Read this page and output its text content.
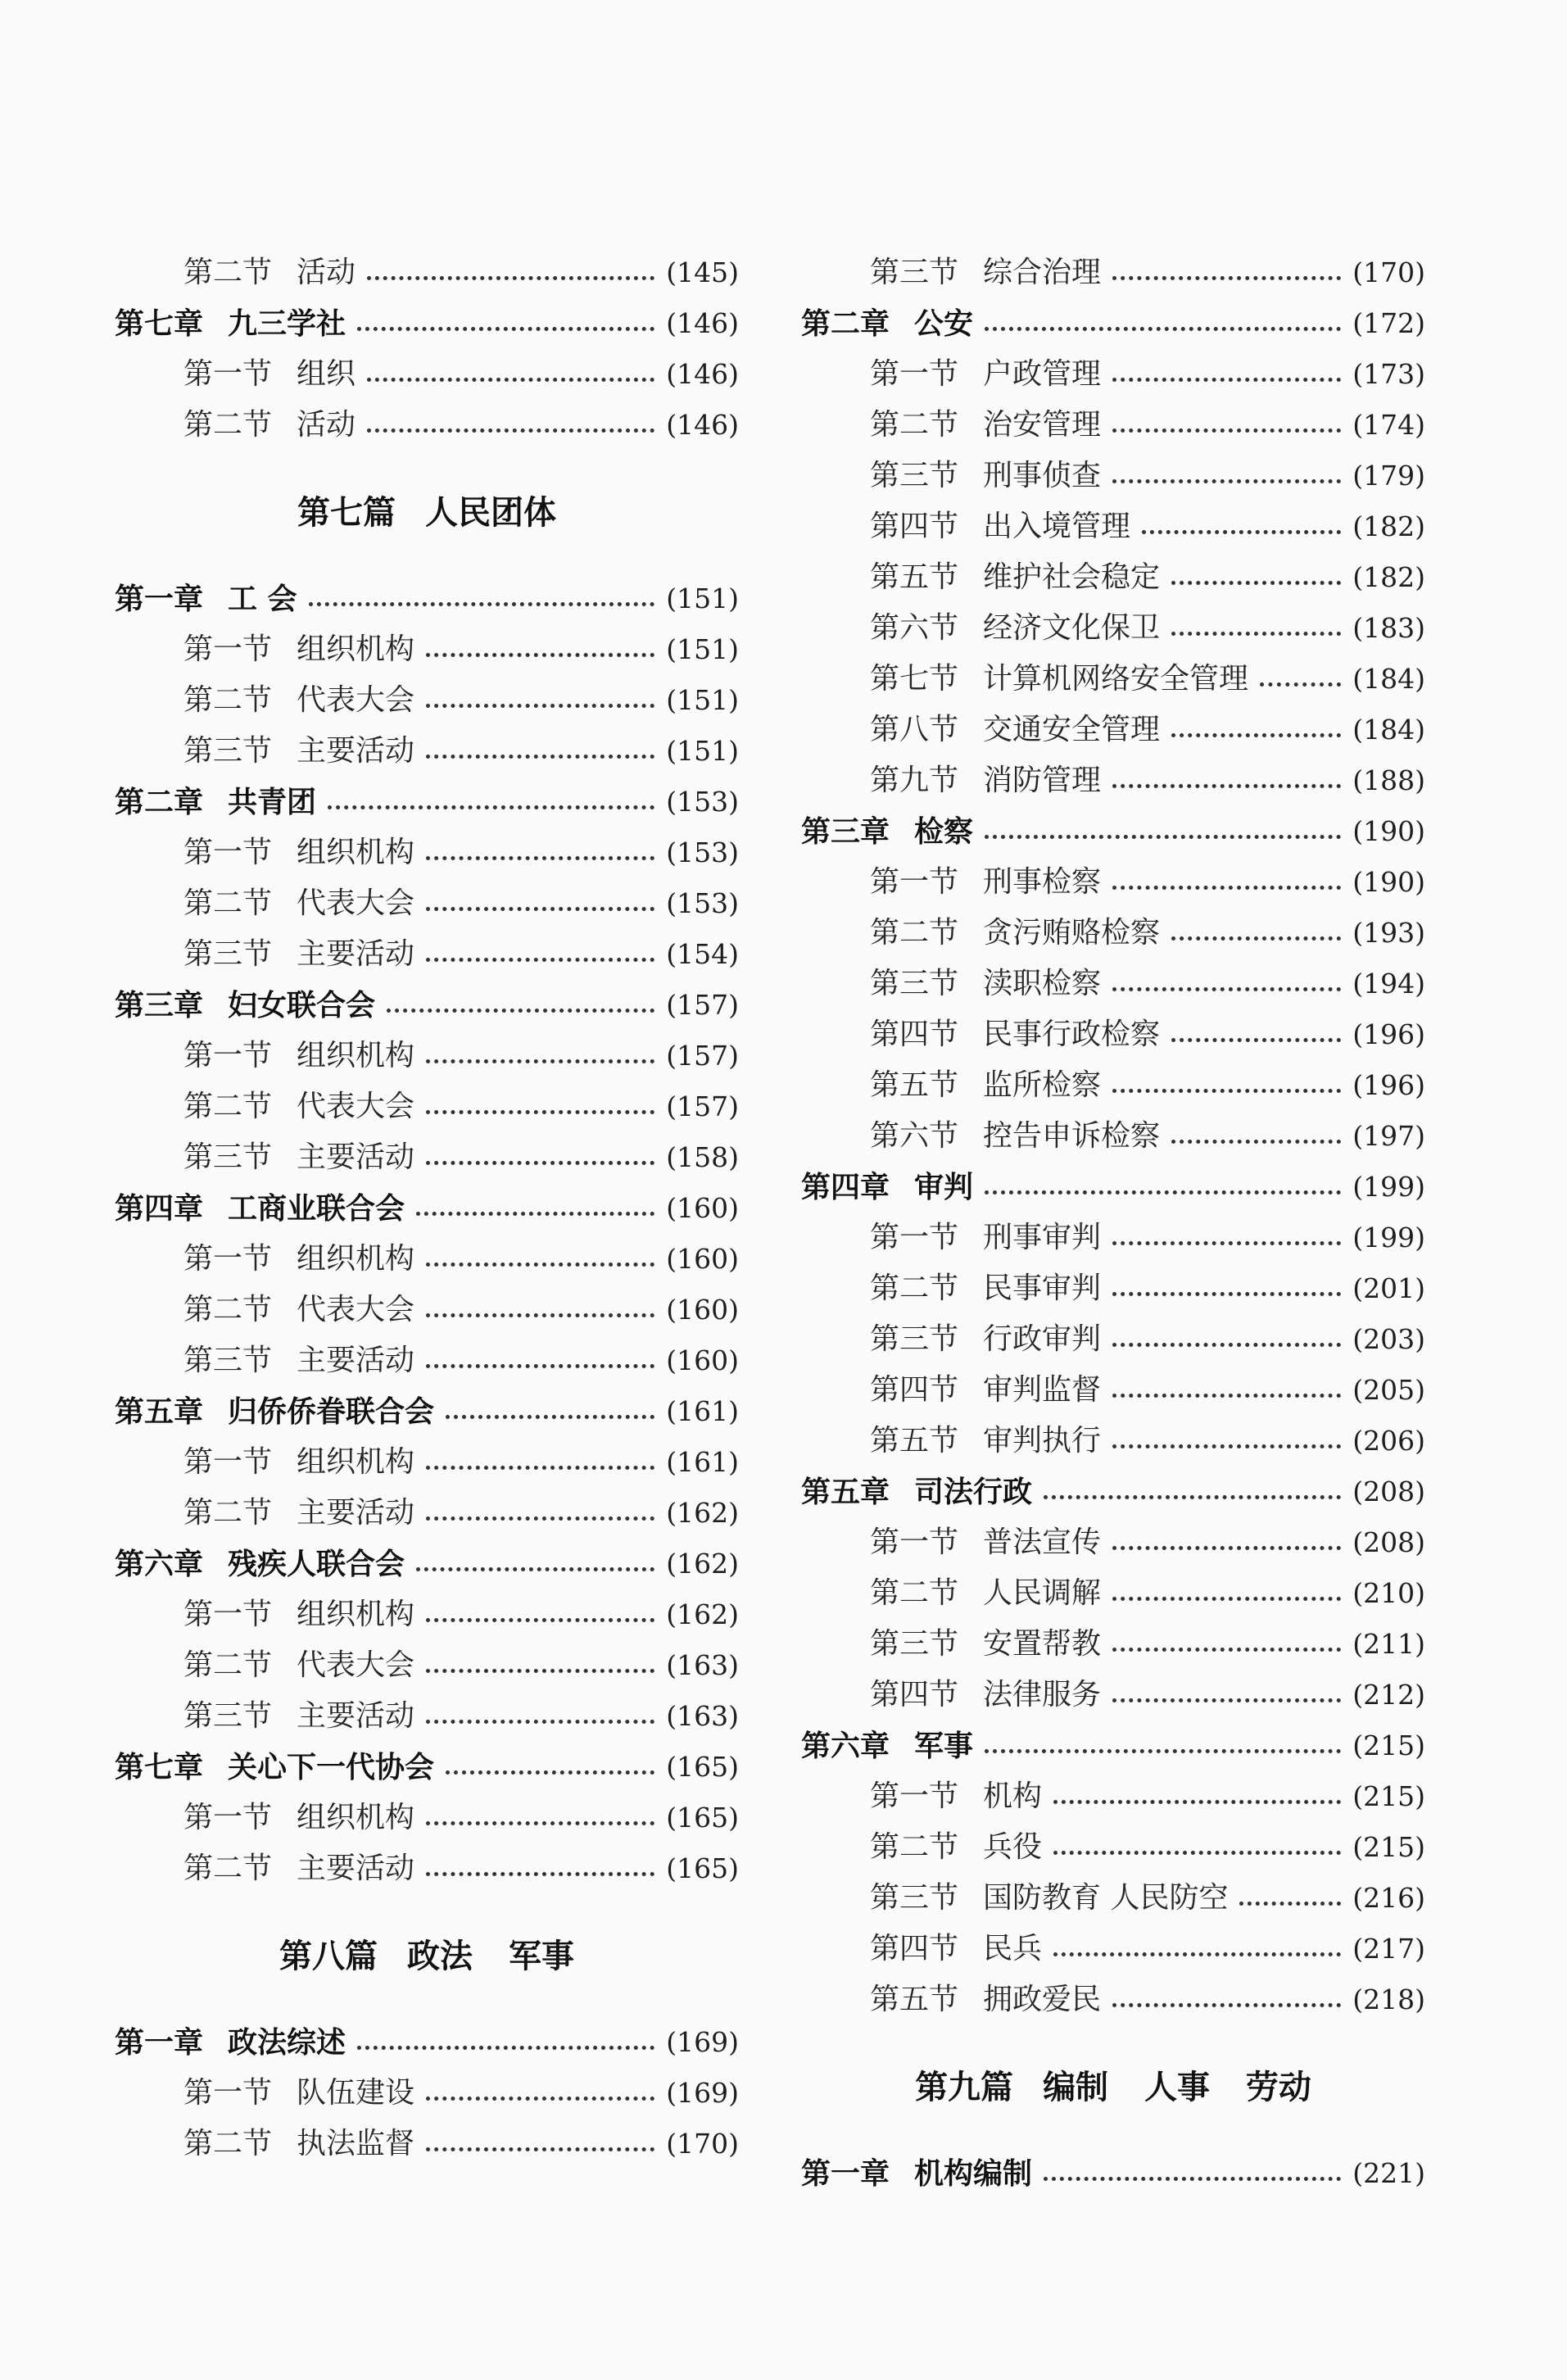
第二节 活动	(145)
第七章 九三学社	(146)
第一节 组织	(146)
第二节 活动	(146)
第七篇 人民团体
第一章 工 会	(151)
第一节 组织机构	(151)
第二节 代表大会	(151)
第三节 主要活动	(151)
第二章 共青团	(153)
第一节 组织机构	(153)
第二节 代表大会	(153)
第三节 主要活动	(154)
第三章 妇女联合会	(157)
第一节 组织机构	(157)
第二节 代表大会	(157)
第三节 主要活动	(158)
第四章 工商业联合会	(160)
第一节 组织机构	(160)
第二节 代表大会	(160)
第三节 主要活动	(160)
第五章 归侨侨眷联合会	(161)
第一节 组织机构	(161)
第二节 主要活动	(162)
第六章 残疾人联合会	(162)
第一节 组织机构	(162)
第二节 代表大会	(163)
第三节 主要活动	(163)
第七章 关心下一代协会	(165)
第一节 组织机构	(165)
第二节 主要活动	(165)
第八篇 政法 军事
第一章 政法综述	(169)
第一节 队伍建设	(169)
第二节 执法监督	(170)
第三节 综合治理	(170)
第二章 公安	(172)
第一节 户政管理	(173)
第二节 治安管理	(174)
第三节 刑事侦查	(179)
第四节 出入境管理	(182)
第五节 维护社会稳定	(182)
第六节 经济文化保卫	(183)
第七节 计算机网络安全管理	(184)
第八节 交通安全管理	(184)
第九节 消防管理	(188)
第三章 检察	(190)
第一节 刑事检察	(190)
第二节 贪污贿赂检察	(193)
第三节 渎职检察	(194)
第四节 民事行政检察	(196)
第五节 监所检察	(196)
第六节 控告申诉检察	(197)
第四章 审判	(199)
第一节 刑事审判	(199)
第二节 民事审判	(201)
第三节 行政审判	(203)
第四节 审判监督	(205)
第五节 审判执行	(206)
第五章 司法行政	(208)
第一节 普法宣传	(208)
第二节 人民调解	(210)
第三节 安置帮教	(211)
第四节 法律服务	(212)
第六章 军事	(215)
第一节 机构	(215)
第二节 兵役	(215)
第三节 国防教育 人民防空	(216)
第四节 民兵	(217)
第五节 拥政爱民	(218)
第九篇 编制 人事 劳动
第一章 机构编制	(221)
